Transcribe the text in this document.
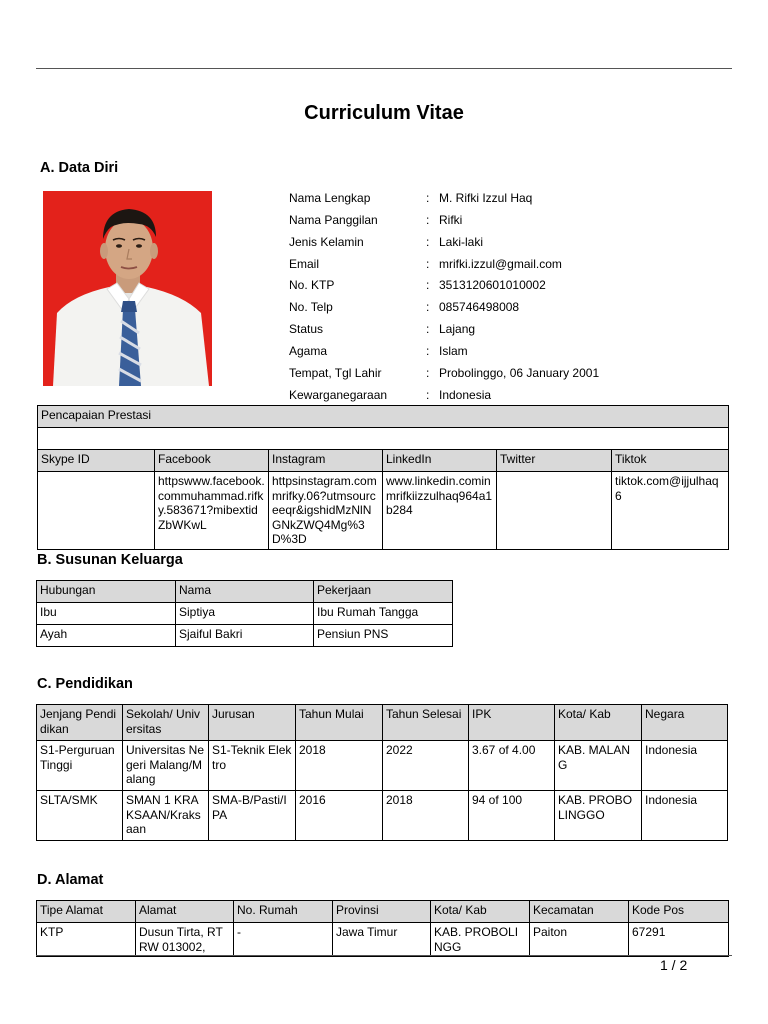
Curriculum Vitae
A. Data Diri
Nama Lengkap	: M. Rifki Izzul Haq
Nama Panggilan	: Rifki
Jenis Kelamin	: Laki-laki
Email	: mrifki.izzul@gmail.com
No. KTP	: 3513120601010002
No. Telp	: 085746498008
Status	: Lajang
Agama	: Islam
Tempat, Tgl Lahir	: Probolinggo, 06 January 2001
Kewarganegaraan	: Indonesia
Pencapaian Prestasi					

Skype ID	Facebook	Instagram	LinkedIn	Twitter	Tiktok
	httpswww.facebook.commuhammad.rifky.583671?mibextidZbWKwL	httpsinstagram.commrifky.06?utmsourceeqr&igshidMzNlNGNkZWQ4Mg%3D%3D	www.linkedin.comin mrifkiizzulhaq964a1b284		tiktok.com@ijjulhaq6
B. Susunan Keluarga
Hubungan	Nama	Pekerjaan
Ibu	Siptiya	Ibu Rumah Tangga
Ayah	Sjaiful Bakri	Pensiun PNS
C. Pendidikan
Jenjang Pendidikan	Sekolah/ Universitas	Jurusan	Tahun Mulai	Tahun Selesai	IPK	Kota/ Kab	Negara
S1-Perguruan Tinggi	Universitas Negeri Malang/Malang	S1-Teknik Elektro	2018	2022	3.67 of 4.00	KAB. MALANG	Indonesia
SLTA/SMK	SMAN 1 KRAKSAAN/Kraksaan	SMA-B/Pasti/IPA	2016	2018	94 of 100	KAB. PROBOLINGGO	Indonesia
D. Alamat
Tipe Alamat	Alamat	No. Rumah	Provinsi	Kota/ Kab	Kecamatan	Kode Pos
KTP	Dusun Tirta, RTRW 013002,	-	Jawa Timur	KAB. PROBOLINGG	Paiton	67291
1 / 2
